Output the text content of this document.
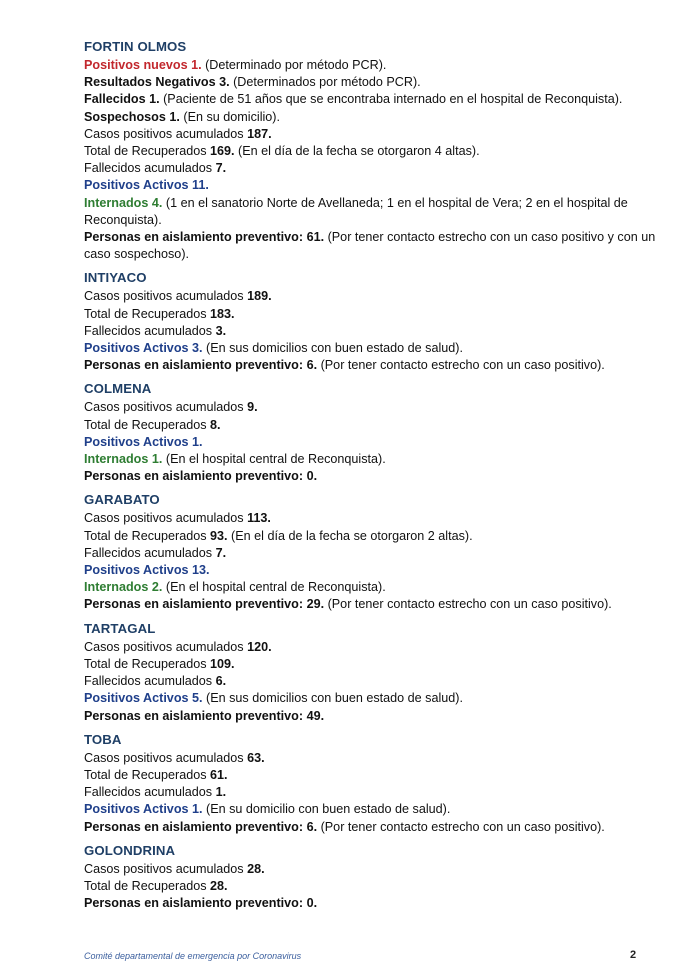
FORTIN OLMOS
Positivos nuevos 1. (Determinado por método PCR).
Resultados Negativos 3. (Determinados por método PCR).
Fallecidos 1. (Paciente de 51 años que se encontraba internado en el hospital de Reconquista).
Sospechosos 1. (En su domicilio).
Casos positivos acumulados 187.
Total de Recuperados 169. (En el día de la fecha se otorgaron 4 altas).
Fallecidos acumulados 7.
Positivos Activos 11.
Internados 4. (1 en el sanatorio Norte de Avellaneda; 1 en el hospital de Vera; 2 en el hospital de Reconquista).
Personas en aislamiento preventivo: 61. (Por tener contacto estrecho con un caso positivo y con un caso sospechoso).
INTIYACO
Casos positivos acumulados 189.
Total de Recuperados 183.
Fallecidos acumulados 3.
Positivos Activos 3. (En sus domicilios con buen estado de salud).
Personas en aislamiento preventivo: 6. (Por tener contacto estrecho con un caso positivo).
COLMENA
Casos positivos acumulados 9.
Total de Recuperados 8.
Positivos Activos 1.
Internados 1. (En el hospital central de Reconquista).
Personas en aislamiento preventivo: 0.
GARABATO
Casos positivos acumulados 113.
Total de Recuperados 93. (En el día de la fecha se otorgaron 2 altas).
Fallecidos acumulados 7.
Positivos Activos 13.
Internados 2. (En el hospital central de Reconquista).
Personas en aislamiento preventivo: 29. (Por tener contacto estrecho con un caso positivo).
TARTAGAL
Casos positivos acumulados 120.
Total de Recuperados 109.
Fallecidos acumulados 6.
Positivos Activos 5. (En sus domicilios con buen estado de salud).
Personas en aislamiento preventivo: 49.
TOBA
Casos positivos acumulados 63.
Total de Recuperados 61.
Fallecidos acumulados 1.
Positivos Activos 1. (En su domicilio con buen estado de salud).
Personas en aislamiento preventivo: 6. (Por tener contacto estrecho con un caso positivo).
GOLONDRINA
Casos positivos acumulados 28.
Total de Recuperados 28.
Personas en aislamiento preventivo: 0.
Comité departamental de emergencia por Coronavirus	2
